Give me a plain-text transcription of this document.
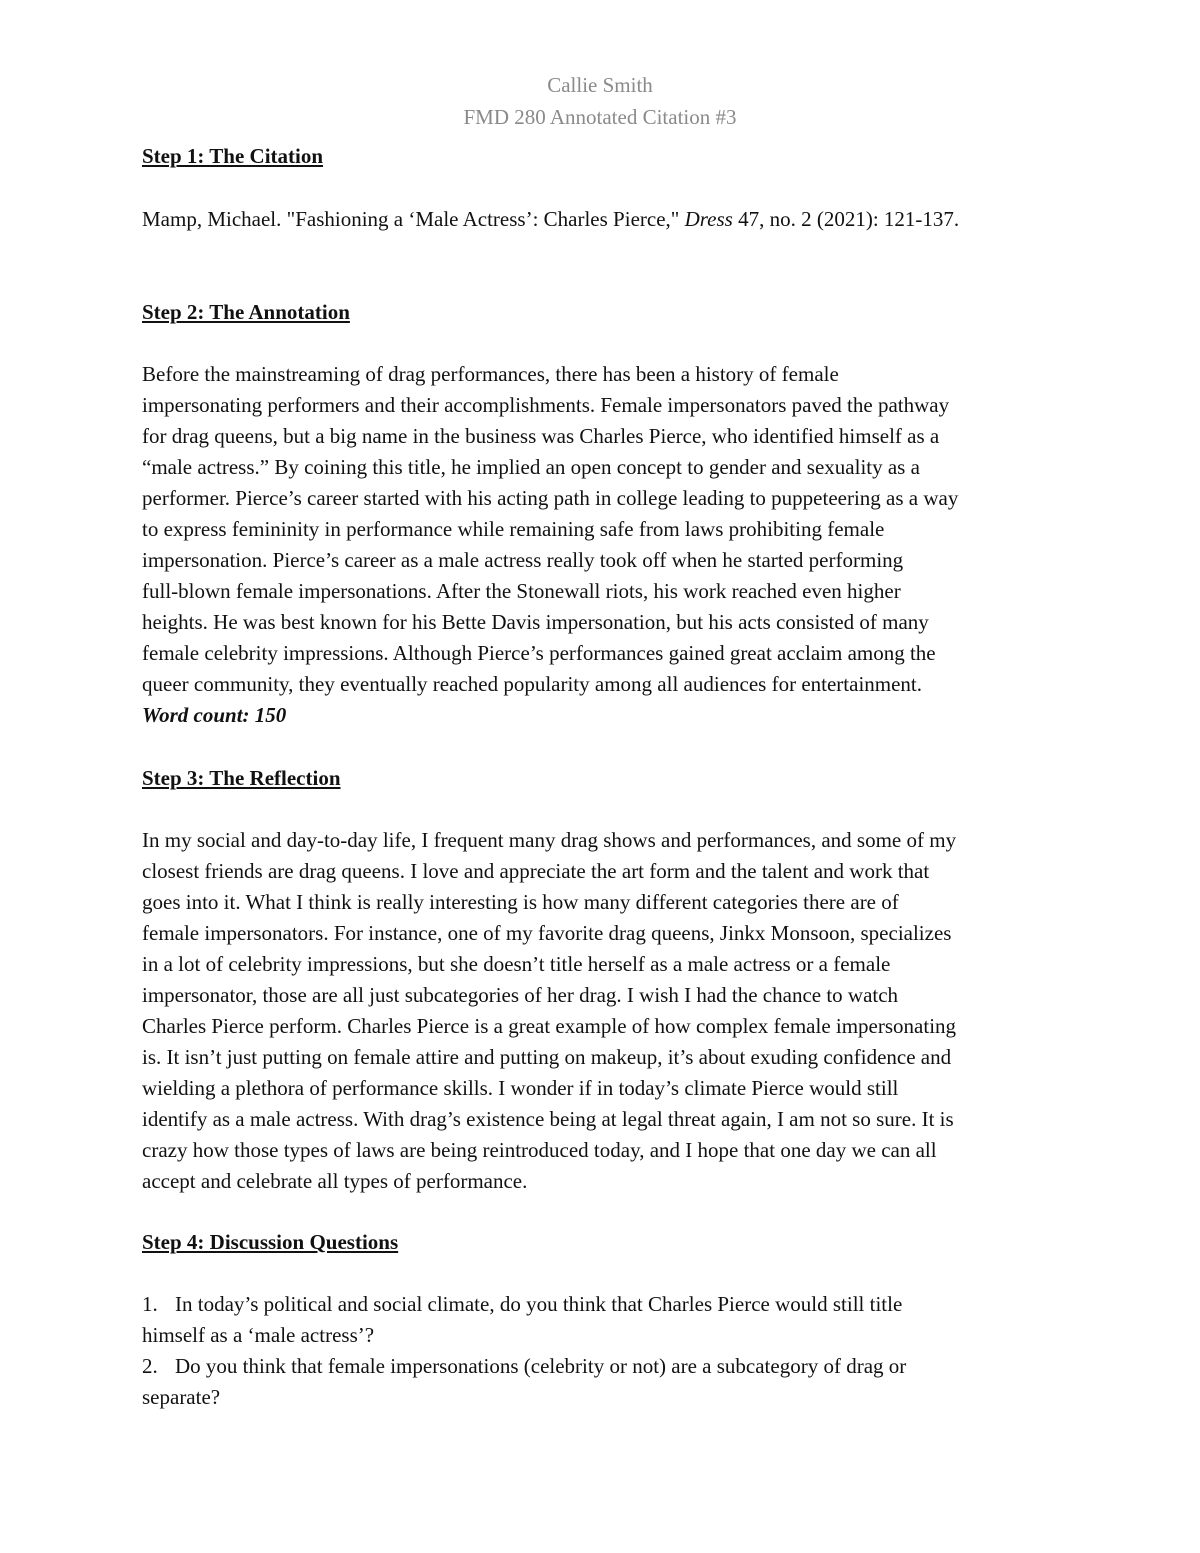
Callie Smith
FMD 280 Annotated Citation #3
Step 1: The Citation
Mamp, Michael. "Fashioning a ‘Male Actress’: Charles Pierce," Dress 47, no. 2 (2021): 121-137.
Step 2: The Annotation
Before the mainstreaming of drag performances, there has been a history of female
impersonating performers and their accomplishments. Female impersonators paved the pathway
for drag queens, but a big name in the business was Charles Pierce, who identified himself as a
“male actress.” By coining this title, he implied an open concept to gender and sexuality as a
performer. Pierce’s career started with his acting path in college leading to puppeteering as a way
to express femininity in performance while remaining safe from laws prohibiting female
impersonation. Pierce’s career as a male actress really took off when he started performing
full-blown female impersonations. After the Stonewall riots, his work reached even higher
heights. He was best known for his Bette Davis impersonation, but his acts consisted of many
female celebrity impressions. Although Pierce’s performances gained great acclaim among the
queer community, they eventually reached popularity among all audiences for entertainment.
Word count: 150
Step 3: The Reflection
In my social and day-to-day life, I frequent many drag shows and performances, and some of my
closest friends are drag queens. I love and appreciate the art form and the talent and work that
goes into it. What I think is really interesting is how many different categories there are of
female impersonators. For instance, one of my favorite drag queens, Jinkx Monsoon, specializes
in a lot of celebrity impressions, but she doesn’t title herself as a male actress or a female
impersonator, those are all just subcategories of her drag. I wish I had the chance to watch
Charles Pierce perform. Charles Pierce is a great example of how complex female impersonating
is. It isn’t just putting on female attire and putting on makeup, it’s about exuding confidence and
wielding a plethora of performance skills. I wonder if in today’s climate Pierce would still
identify as a male actress. With drag’s existence being at legal threat again, I am not so sure. It is
crazy how those types of laws are being reintroduced today, and I hope that one day we can all
accept and celebrate all types of performance.
Step 4: Discussion Questions
1. In today’s political and social climate, do you think that Charles Pierce would still title
himself as a ‘male actress’?
2. Do you think that female impersonations (celebrity or not) are a subcategory of drag or
separate?
